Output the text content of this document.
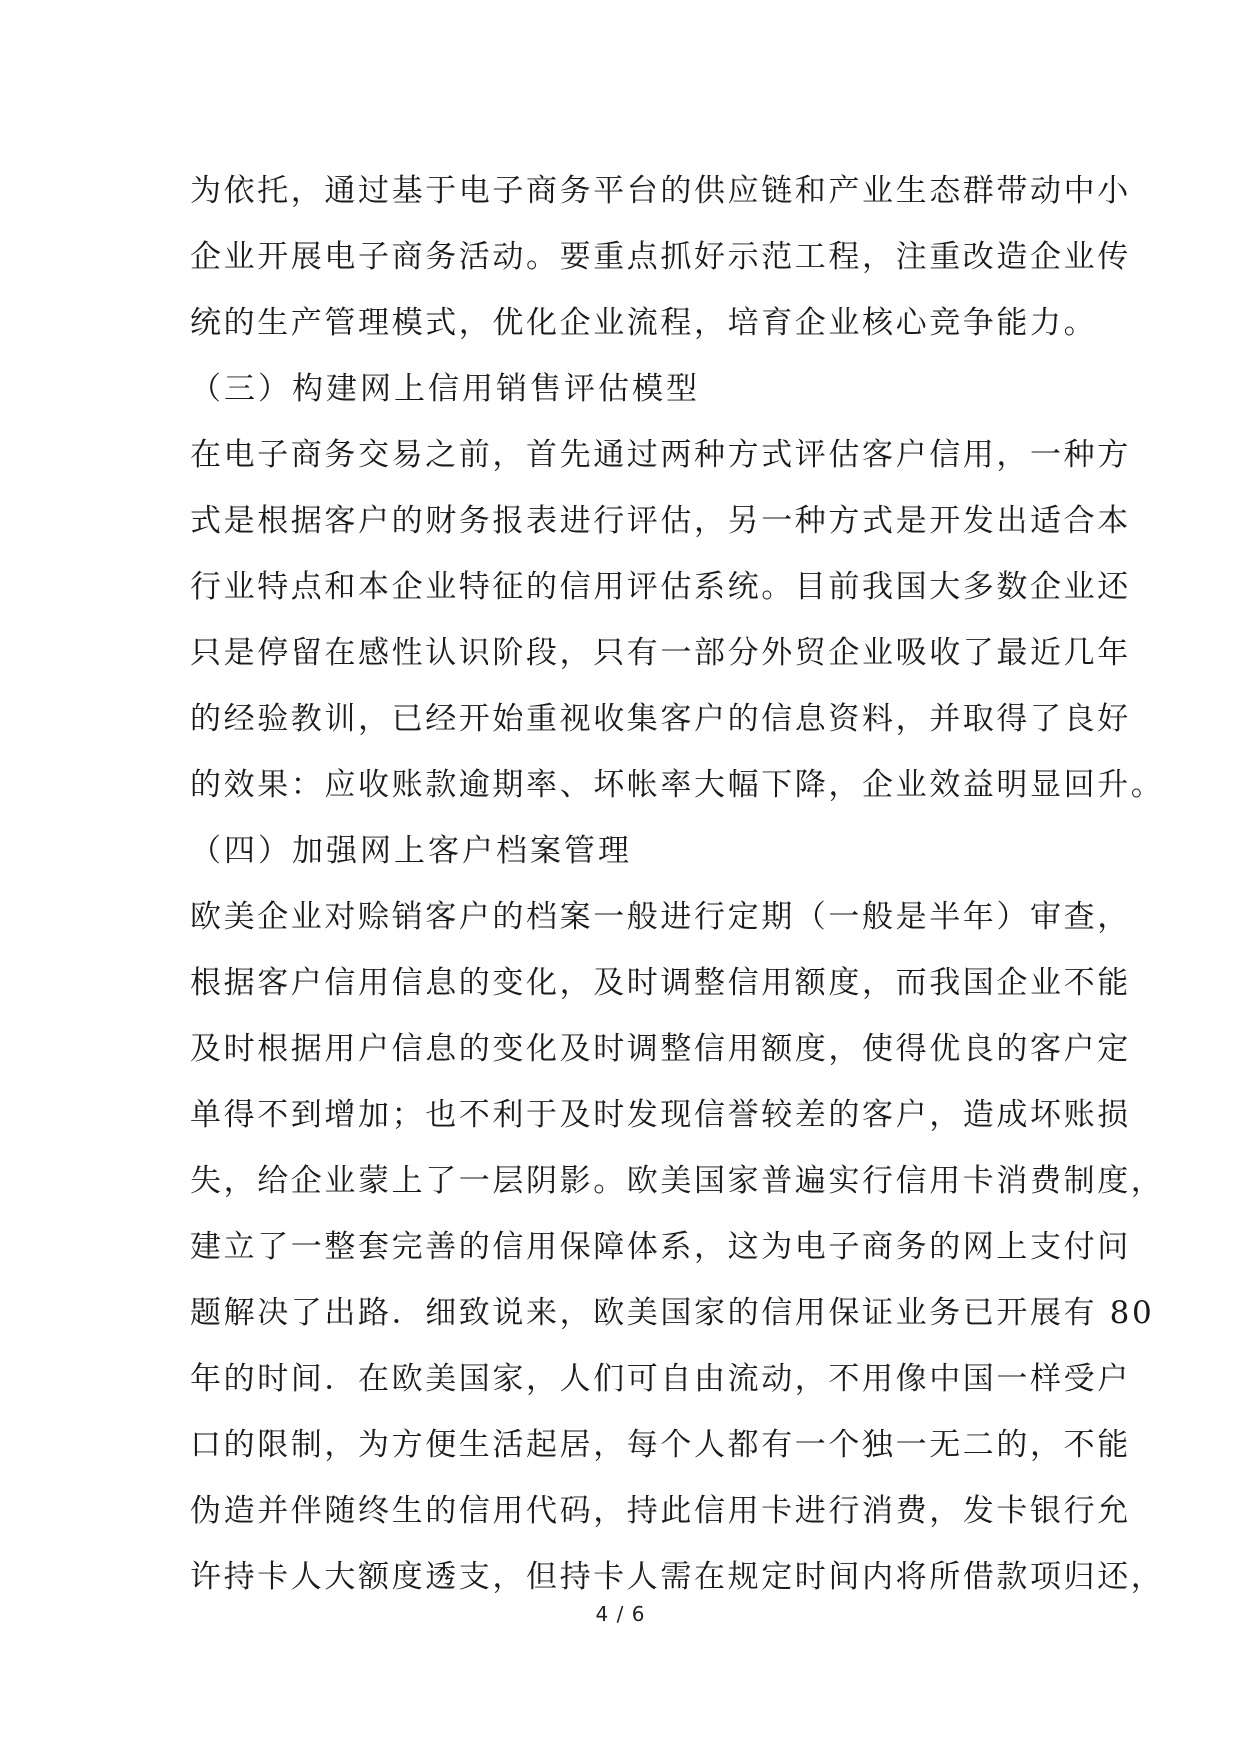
为依托，通过基于电子商务平台的供应链和产业生态群带动中小
企业开展电子商务活动。要重点抓好示范工程，注重改造企业传
统的生产管理模式，优化企业流程，培育企业核心竞争能力。
（三）构建网上信用销售评估模型
在电子商务交易之前，首先通过两种方式评估客户信用，一种方
式是根据客户的财务报表进行评估，另一种方式是开发出适合本
行业特点和本企业特征的信用评估系统。目前我国大多数企业还
只是停留在感性认识阶段，只有一部分外贸企业吸收了最近几年
的经验教训，已经开始重视收集客户的信息资料，并取得了良好
的效果：应收账款逾期率、坏帐率大幅下降，企业效益明显回升。
（四）加强网上客户档案管理
欧美企业对赊销客户的档案一般进行定期（一般是半年）审查，
根据客户信用信息的变化，及时调整信用额度，而我国企业不能
及时根据用户信息的变化及时调整信用额度，使得优良的客户定
单得不到增加；也不利于及时发现信誉较差的客户，造成坏账损
失，给企业蒙上了一层阴影。欧美国家普遍实行信用卡消费制度，
建立了一整套完善的信用保障体系，这为电子商务的网上支付问
题解决了出路．细致说来，欧美国家的信用保证业务已开展有 80
年的时间．在欧美国家，人们可自由流动，不用像中国一样受户
口的限制，为方便生活起居，每个人都有一个独一无二的，不能
伪造并伴随终生的信用代码，持此信用卡进行消费，发卡银行允
许持卡人大额度透支，但持卡人需在规定时间内将所借款项归还，
4 / 6
